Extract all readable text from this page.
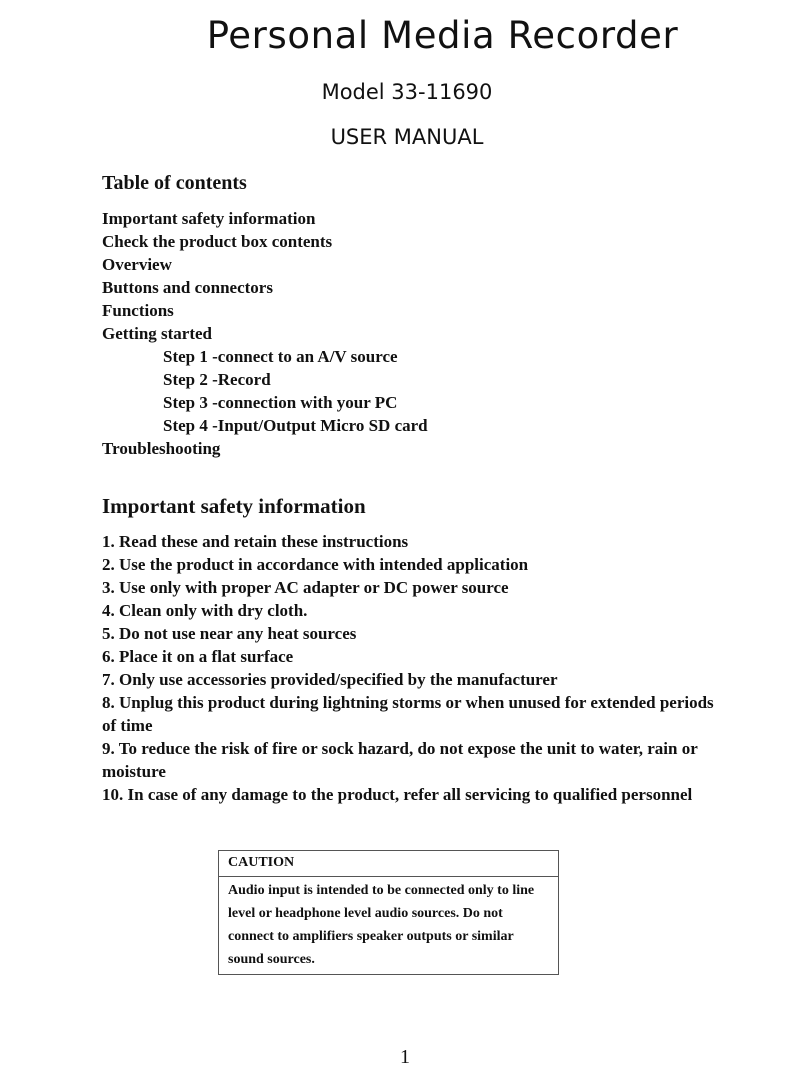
Personal Media Recorder
Model 33-11690
USER MANUAL
Table of contents
Important safety information
Check the product box contents
Overview
Buttons and connectors
Functions
Getting started
Step 1 -connect to an A/V source
Step 2 -Record
Step 3 -connection with your PC
Step 4 -Input/Output Micro SD card
Troubleshooting
Important safety information
1. Read these and retain these instructions
2. Use the product in accordance with intended application
3. Use only with proper AC adapter or DC power source
4. Clean only with dry cloth.
5. Do not use near any heat sources
6. Place it on a flat surface
7. Only use accessories provided/specified by the manufacturer
8. Unplug this product during lightning storms or when unused for extended periods of time
9. To reduce the risk of fire or sock hazard, do not expose the unit to water, rain or moisture
10. In case of any damage to the product, refer all servicing to qualified personnel
CAUTION
Audio input is intended to be connected only to line level or headphone level audio sources. Do not connect to amplifiers speaker outputs or similar sound sources.
1
